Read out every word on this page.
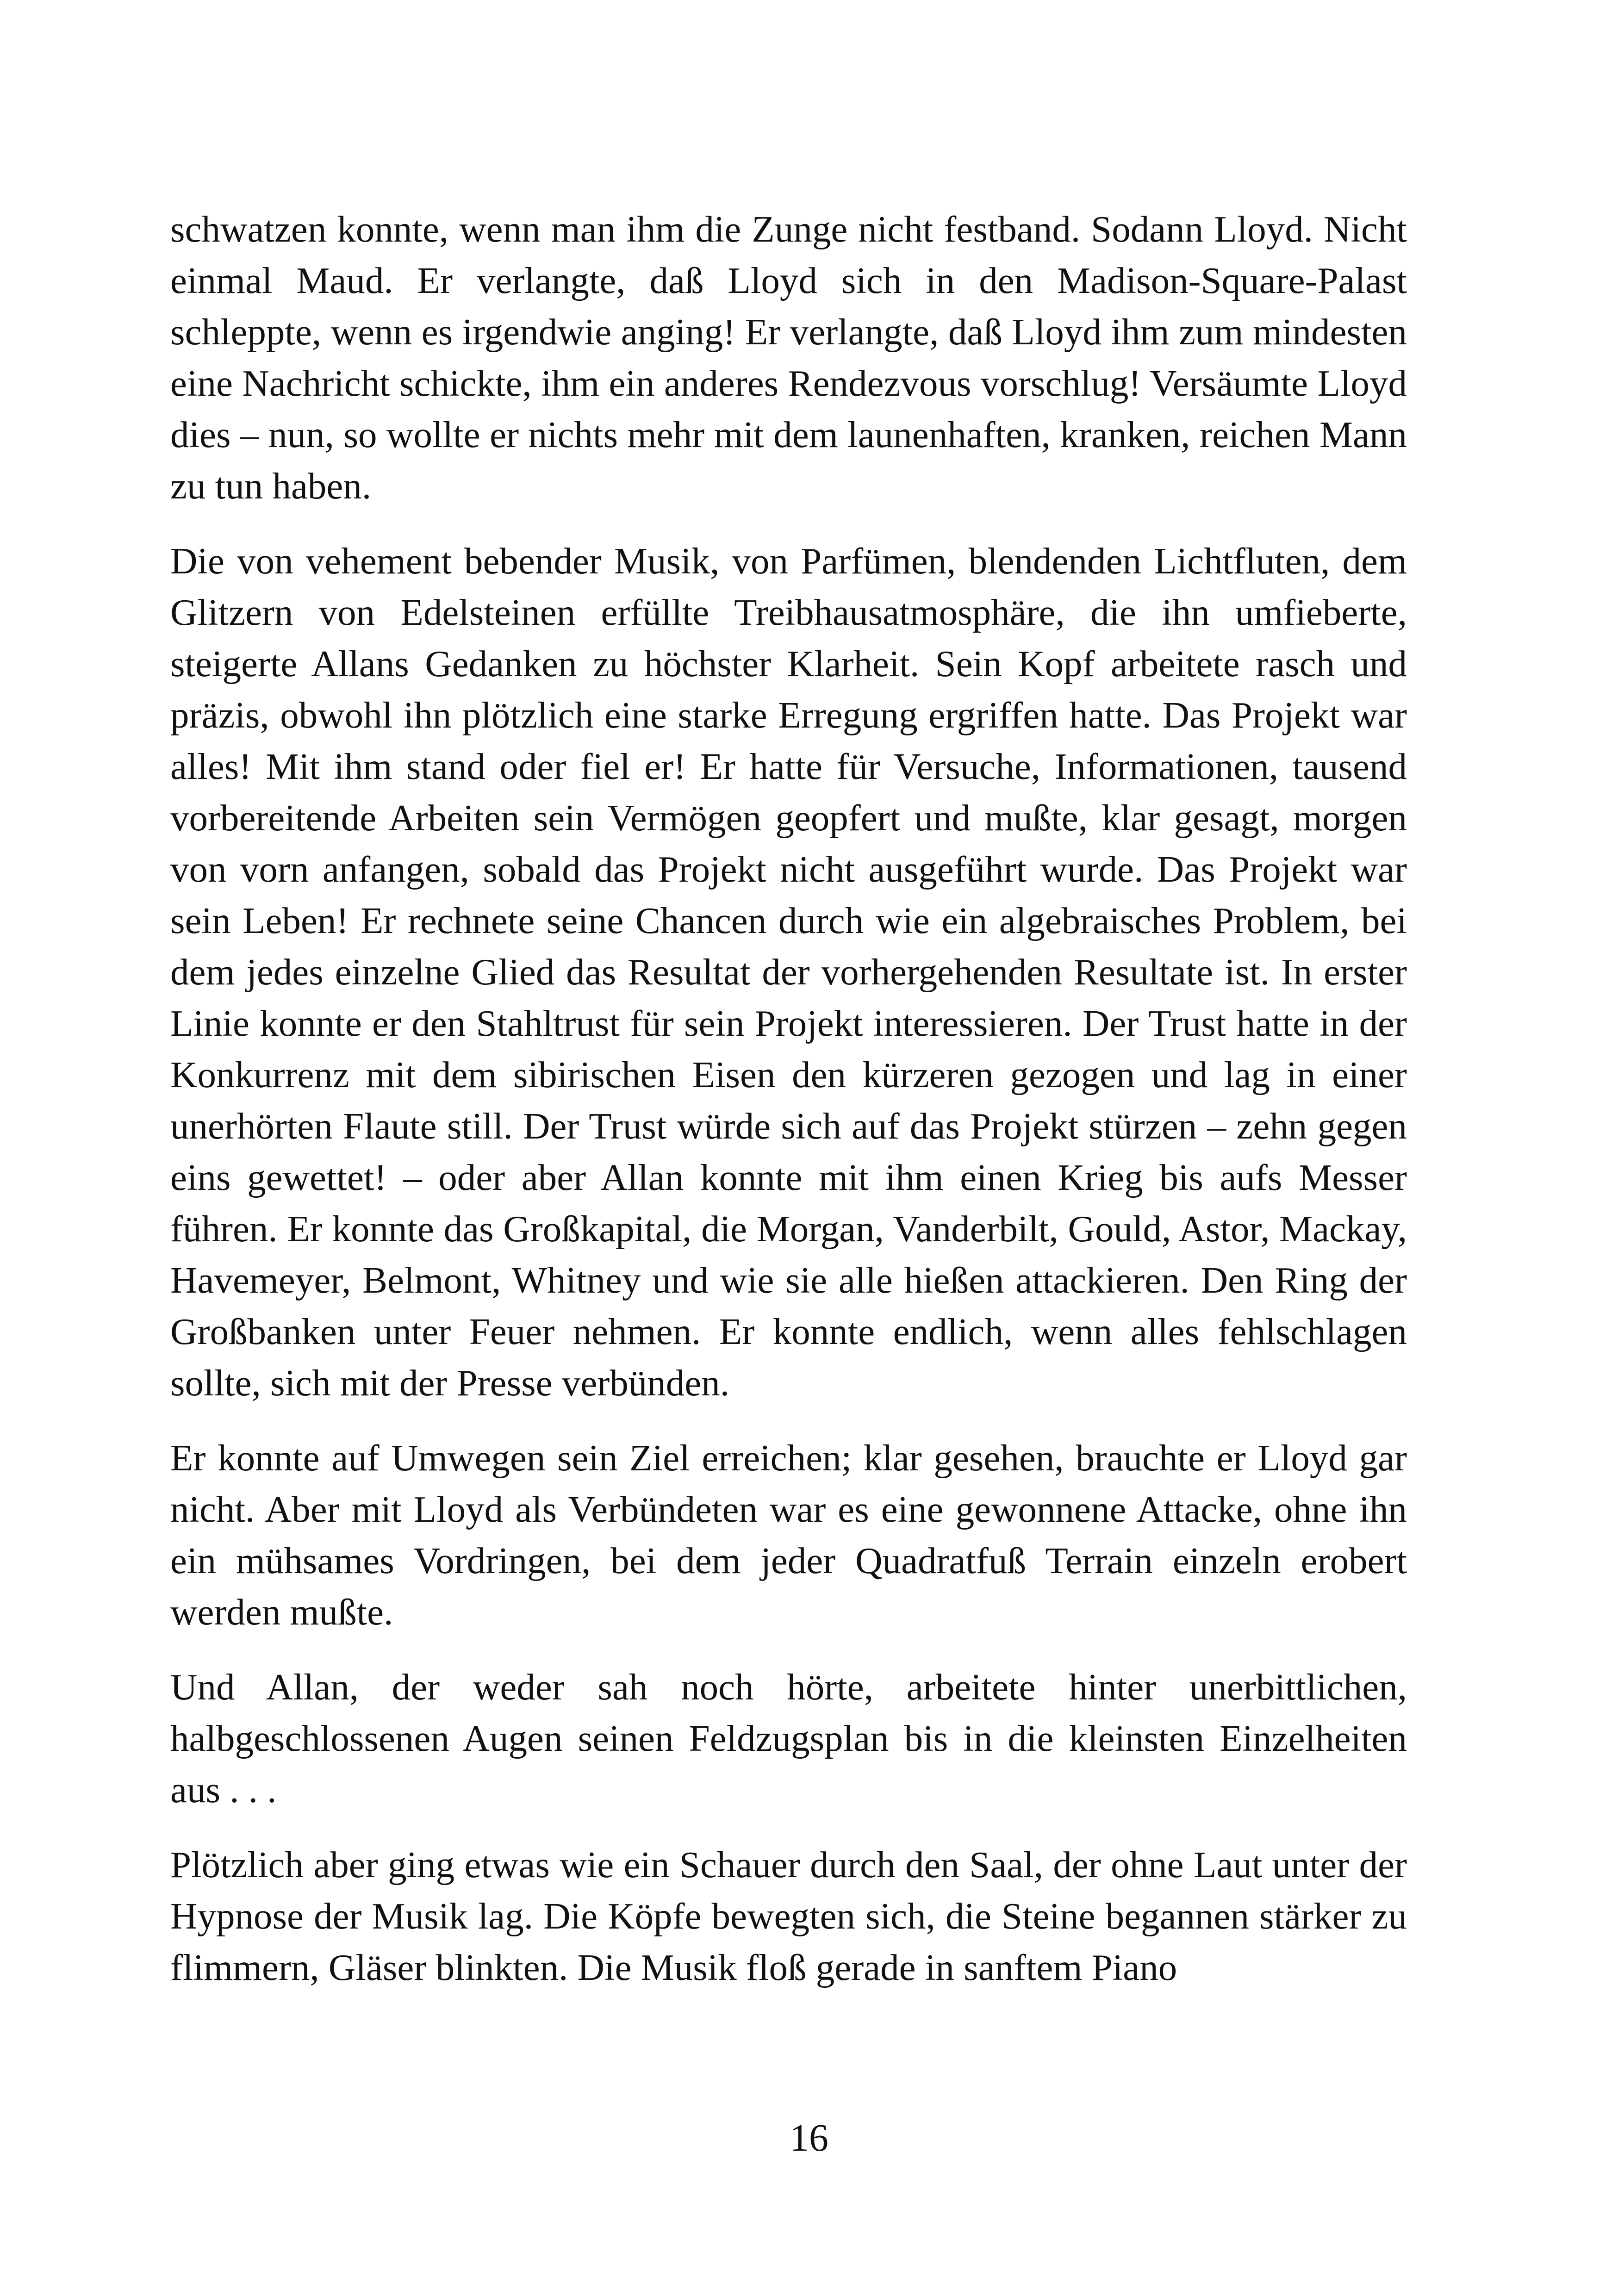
schwatzen konnte, wenn man ihm die Zunge nicht festband. Sodann Lloyd. Nicht einmal Maud. Er verlangte, daß Lloyd sich in den Madison-Square-Palast schleppte, wenn es irgendwie anging! Er verlangte, daß Lloyd ihm zum mindesten eine Nachricht schickte, ihm ein anderes Rendezvous vorschlug! Versäumte Lloyd dies – nun, so wollte er nichts mehr mit dem launenhaften, kranken, reichen Mann zu tun haben.

Die von vehement bebender Musik, von Parfümen, blendenden Lichtfluten, dem Glitzern von Edelsteinen erfüllte Treibhausatmosphäre, die ihn umfieberte, steigerte Allans Gedanken zu höchster Klarheit. Sein Kopf arbeitete rasch und präzis, obwohl ihn plötzlich eine starke Erregung ergriffen hatte. Das Projekt war alles! Mit ihm stand oder fiel er! Er hatte für Versuche, Informationen, tausend vorbereitende Arbeiten sein Vermögen geopfert und mußte, klar gesagt, morgen von vorn anfangen, sobald das Projekt nicht ausgeführt wurde. Das Projekt war sein Leben! Er rechnete seine Chancen durch wie ein algebraisches Problem, bei dem jedes einzelne Glied das Resultat der vorhergehenden Resultate ist. In erster Linie konnte er den Stahltrust für sein Projekt interessieren. Der Trust hatte in der Konkurrenz mit dem sibirischen Eisen den kürzeren gezogen und lag in einer unerhörten Flaute still. Der Trust würde sich auf das Projekt stürzen – zehn gegen eins gewettet! – oder aber Allan konnte mit ihm einen Krieg bis aufs Messer führen. Er konnte das Großkapital, die Morgan, Vanderbilt, Gould, Astor, Mackay, Havemeyer, Belmont, Whitney und wie sie alle hießen attackieren. Den Ring der Großbanken unter Feuer nehmen. Er konnte endlich, wenn alles fehlschlagen sollte, sich mit der Presse verbünden.

Er konnte auf Umwegen sein Ziel erreichen; klar gesehen, brauchte er Lloyd gar nicht. Aber mit Lloyd als Verbündeten war es eine gewonnene Attacke, ohne ihn ein mühsames Vordringen, bei dem jeder Quadratfuß Terrain einzeln erobert werden mußte.

Und Allan, der weder sah noch hörte, arbeitete hinter unerbittlichen, halbgeschlossenen Augen seinen Feldzugsplan bis in die kleinsten Einzelheiten aus . . .

Plötzlich aber ging etwas wie ein Schauer durch den Saal, der ohne Laut unter der Hypnose der Musik lag. Die Köpfe bewegten sich, die Steine begannen stärker zu flimmern, Gläser blinkten. Die Musik floß gerade in sanftem Piano

16
